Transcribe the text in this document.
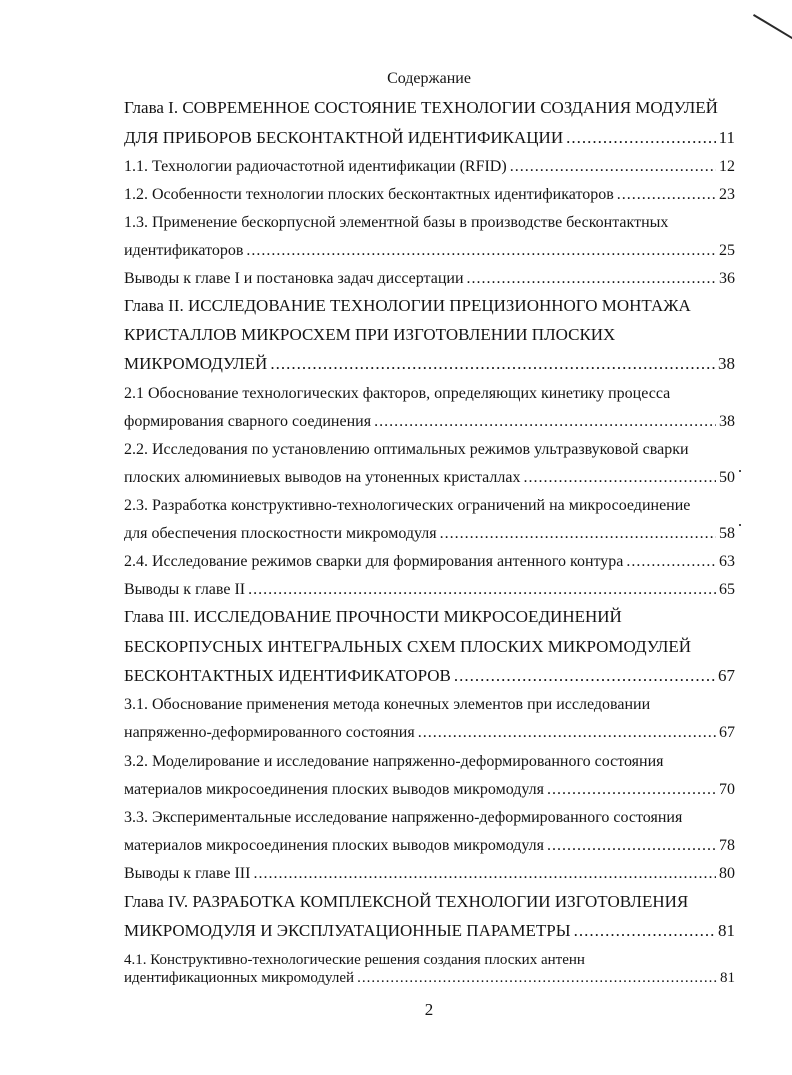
Содержание
Глава I. СОВРЕМЕННОЕ СОСТОЯНИЕ ТЕХНОЛОГИИ СОЗДАНИЯ МОДУЛЕЙ
ДЛЯ ПРИБОРОВ БЕСКОНТАКТНОЙ ИДЕНТИФИКАЦИИ .....	11
1.1. Технологии радиочастотной идентификации (RFID) .....	12
1.2. Особенности технологии плоских бесконтактных идентификаторов .....	23
1.3. Применение бескорпусной элементной базы в производстве бесконтактных
идентификаторов .....	25
Выводы к главе I и постановка задач диссертации .....	36
Глава II. ИССЛЕДОВАНИЕ ТЕХНОЛОГИИ ПРЕЦИЗИОННОГО МОНТАЖА
КРИСТАЛЛОВ МИКРОСХЕМ ПРИ ИЗГОТОВЛЕНИИ ПЛОСКИХ
МИКРОМОДУЛЕЙ .....	38
2.1 Обоснование технологических факторов, определяющих кинетику процесса
формирования сварного соединения .....	38
2.2. Исследования по установлению оптимальных режимов ультразвуковой сварки
плоских алюминиевых выводов на утоненных кристаллах .....	50
2.3. Разработка конструктивно-технологических ограничений на микросоединение
для обеспечения плоскостности микромодуля .....	58
2.4. Исследование режимов сварки для формирования антенного контура .....	63
Выводы к главе II .....	65
Глава III. ИССЛЕДОВАНИЕ ПРОЧНОСТИ МИКРОСОЕДИНЕНИЙ
БЕСКОРПУСНЫХ ИНТЕГРАЛЬНЫХ СХЕМ ПЛОСКИХ МИКРОМОДУЛЕЙ
БЕСКОНТАКТНЫХ ИДЕНТИФИКАТОРОВ .....	67
3.1. Обоснование применения метода конечных элементов при исследовании
напряженно-деформированного состояния .....	67
3.2. Моделирование и исследование напряженно-деформированного состояния
материалов микросоединения плоских выводов микромодуля .....	70
3.3. Экспериментальные исследование напряженно-деформированного состояния
материалов микросоединения плоских выводов микромодуля .....	78
Выводы к главе III .....	80
Глава IV. РАЗРАБОТКА КОМПЛЕКСНОЙ ТЕХНОЛОГИИ ИЗГОТОВЛЕНИЯ
МИКРОМОДУЛЯ И ЭКСПЛУАТАЦИОННЫЕ ПАРАМЕТРЫ .....	81
4.1. Конструктивно-технологические решения создания плоских антенн
идентификационных микромодулей .....	81
2
